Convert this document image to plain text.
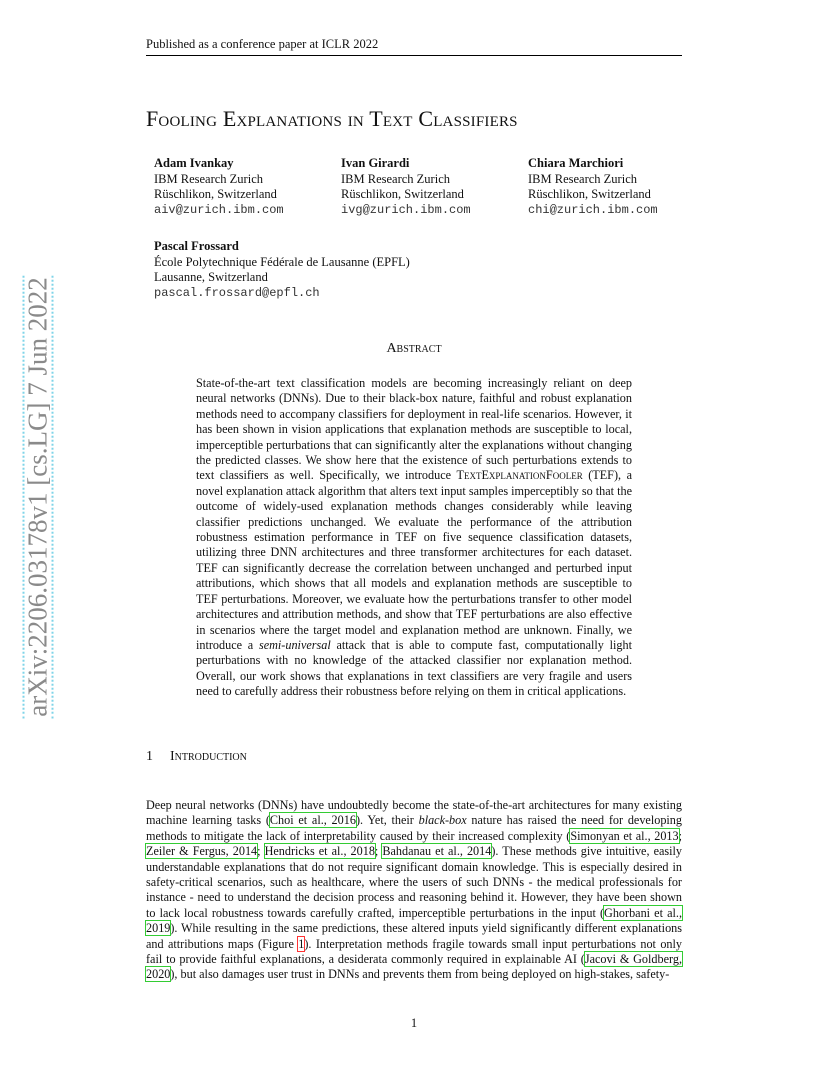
Published as a conference paper at ICLR 2022
arXiv:2206.03178v1 [cs.LG] 7 Jun 2022
Fooling Explanations in Text Classifiers
Adam Ivankay
IBM Research Zurich
Rüschlikon, Switzerland
aiv@zurich.ibm.com
Ivan Girardi
IBM Research Zurich
Rüschlikon, Switzerland
ivg@zurich.ibm.com
Chiara Marchiori
IBM Research Zurich
Rüschlikon, Switzerland
chi@zurich.ibm.com
Pascal Frossard
École Polytechnique Fédérale de Lausanne (EPFL)
Lausanne, Switzerland
pascal.frossard@epfl.ch
Abstract
State-of-the-art text classification models are becoming increasingly reliant on deep neural networks (DNNs). Due to their black-box nature, faithful and robust explanation methods need to accompany classifiers for deployment in real-life scenarios. However, it has been shown in vision applications that explanation methods are susceptible to local, imperceptible perturbations that can significantly alter the explanations without changing the predicted classes. We show here that the existence of such perturbations extends to text classifiers as well. Specifically, we introduce TextExplanationFooler (TEF), a novel explanation attack algorithm that alters text input samples imperceptibly so that the outcome of widely-used explanation methods changes considerably while leaving classifier predictions unchanged. We evaluate the performance of the attribution robustness estimation performance in TEF on five sequence classification datasets, utilizing three DNN architectures and three transformer architectures for each dataset. TEF can significantly decrease the correlation between unchanged and perturbed input attributions, which shows that all models and explanation methods are susceptible to TEF perturbations. Moreover, we evaluate how the perturbations transfer to other model architectures and attribution methods, and show that TEF perturbations are also effective in scenarios where the target model and explanation method are unknown. Finally, we introduce a semi-universal attack that is able to compute fast, computationally light perturbations with no knowledge of the attacked classifier nor explanation method. Overall, our work shows that explanations in text classifiers are very fragile and users need to carefully address their robustness before relying on them in critical applications.
1 Introduction
Deep neural networks (DNNs) have undoubtedly become the state-of-the-art architectures for many existing machine learning tasks (Choi et al., 2016). Yet, their black-box nature has raised the need for developing methods to mitigate the lack of interpretability caused by their increased complexity (Simonyan et al., 2013; Zeiler & Fergus, 2014; Hendricks et al., 2018; Bahdanau et al., 2014). These methods give intuitive, easily understandable explanations that do not require significant domain knowledge. This is especially desired in safety-critical scenarios, such as healthcare, where the users of such DNNs - the medical professionals for instance - need to understand the decision process and reasoning behind it. However, they have been shown to lack local robustness towards carefully crafted, imperceptible perturbations in the input (Ghorbani et al., 2019). While resulting in the same predictions, these altered inputs yield significantly different explanations and attributions maps (Figure 1). Interpretation methods fragile towards small input perturbations not only fail to provide faithful explanations, a desiderata commonly required in explainable AI (Jacovi & Goldberg, 2020), but also damages user trust in DNNs and prevents them from being deployed on high-stakes, safety-
1
